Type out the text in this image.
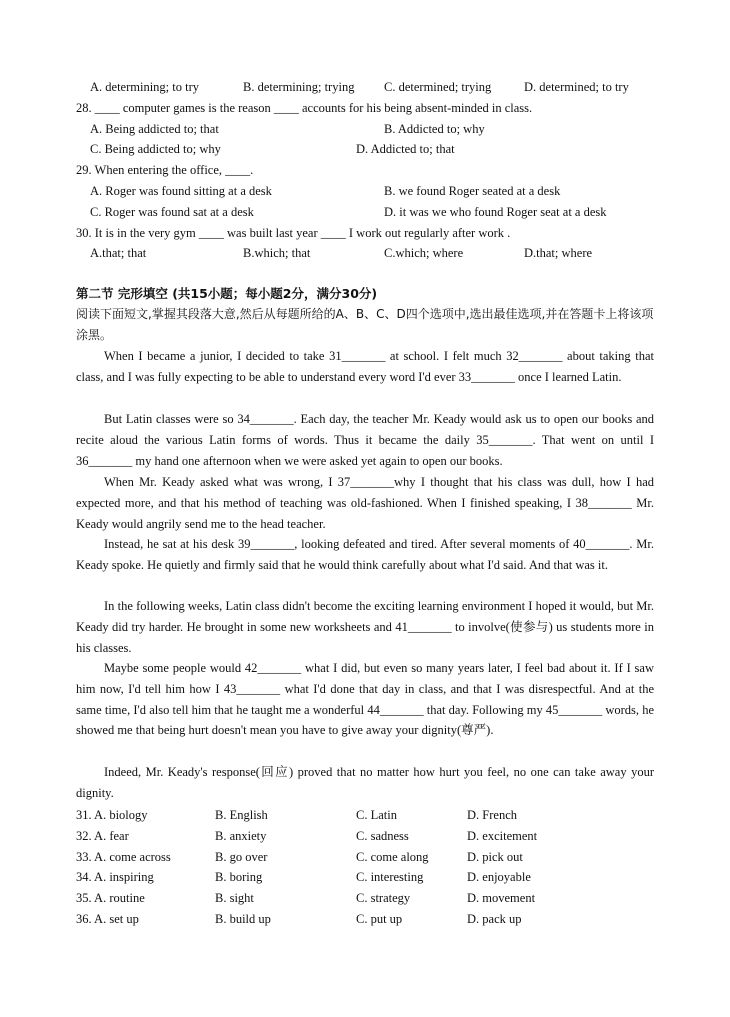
A. determining; to try	B. determining; trying C. determined; trying	D. determined; to try
28. ____ computer games is the reason ____ accounts for his being absent-minded in class.
A. Being addicted to; that	B. Addicted to; why
C. Being addicted to; why	D. Addicted to; that
29. When entering the office, ____.
A. Roger was found sitting at a desk	B. we found Roger seated at a desk
C. Roger was found sat at a desk	D. it was we who found Roger seat at a desk
30. It is in the very gym ____ was built last year ____ I work out regularly after work .
A.that; that	B.which; that	C.which; where	D.that; where
第二节 完形填空 (共15小题；每小题2分，满分30分)
阅读下面短文,掌握其段落大意,然后从每题所给的A、B、C、D四个选项中,选出最佳选项,并在答题卡上将该项涂黑。
When I became a junior, I decided to take 31_______ at school. I felt much 32_______ about taking that class, and I was fully expecting to be able to understand every word I'd ever 33_______ once I learned Latin.
But Latin classes were so 34_______. Each day, the teacher Mr. Keady would ask us to open our books and recite aloud the various Latin forms of words. Thus it became the daily 35_______. That went on until I 36_______ my hand one afternoon when we were asked yet again to open our books.
When Mr. Keady asked what was wrong, I 37_______why I thought that his class was dull, how I had expected more, and that his method of teaching was old-fashioned. When I finished speaking, I 38_______ Mr. Keady would angrily send me to the head teacher.
Instead, he sat at his desk 39_______, looking defeated and tired. After several moments of 40_______. Mr. Keady spoke. He quietly and firmly said that he would think carefully about what I'd said. And that was it.
In the following weeks, Latin class didn't become the exciting learning environment I hoped it would, but Mr. Keady did try harder. He brought in some new worksheets and 41_______ to involve(使参与) us students more in his classes.
Maybe some people would 42_______ what I did, but even so many years later, I feel bad about it. If I saw him now, I'd tell him how I 43_______ what I'd done that day in class, and that I was disrespectful. And at the same time, I'd also tell him that he taught me a wonderful 44_______ that day. Following my 45_______ words, he showed me that being hurt doesn't mean you have to give away your dignity(尊严).
Indeed, Mr. Keady's response(回应) proved that no matter how hurt you feel, no one can take away your dignity.
31. A. biology	B. English	C. Latin	D. French
32. A. fear	B. anxiety	C. sadness	D. excitement
33. A. come across	B. go over	C. come along	D. pick out
34. A. inspiring	B. boring	C. interesting	D. enjoyable
35. A. routine	B. sight	C. strategy	D. movement
36. A. set up	B. build up	C. put up	D. pack up
